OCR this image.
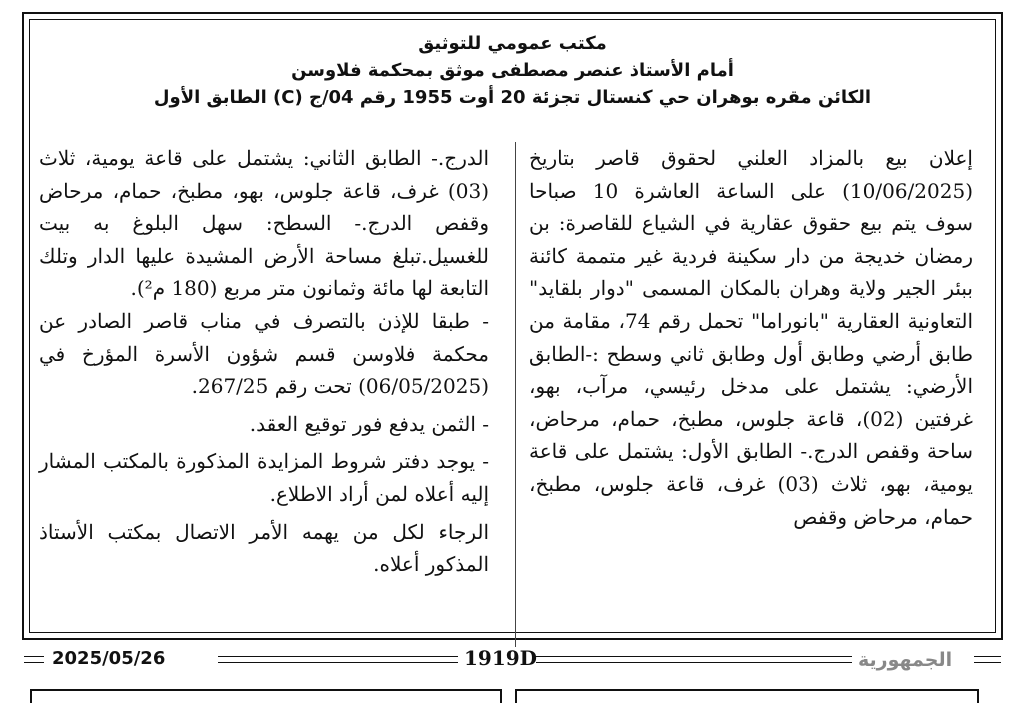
مكتب عمومي للتوثيق
أمام الأستاذ عنصر مصطفى موثق بمحكمة فلاوسن
الكائن مقره بوهران حي كنستال تجزئة 20 أوت 1955 رقم 04/ج (C) الطابق الأول

إعلان بيع بالمزاد العلني لحقوق قاصر بتاريخ (10/06/2025) على الساعة العاشرة 10 صباحا سوف يتم بيع حقوق عقارية في الشياع للقاصرة: بن رمضان خديجة من دار سكينة فردية غير متممة كائنة ببئر الجير ولاية وهران بالمكان المسمى "دوار بلقايد" التعاونية العقارية "بانوراما" تحمل رقم 74، مقامة من طابق أرضي وطابق أول وطابق ثاني وسطح :-الطابق الأرضي: يشتمل على مدخل رئيسي، مرآب، بهو، غرفتين (02)، قاعة جلوس، مطبخ، حمام، مرحاض، ساحة وقفص الدرج.- الطابق الأول: يشتمل على قاعة يومية، بهو، ثلاث (03) غرف، قاعة جلوس، مطبخ، حمام، مرحاض وقفص

الدرج.- الطابق الثاني: يشتمل على قاعة يومية، ثلاث (03) غرف، قاعة جلوس، بهو، مطبخ، حمام، مرحاض وقفص الدرج.- السطح: سهل البلوغ به بيت للغسيل.تبلغ مساحة الأرض المشيدة عليها الدار وتلك التابعة لها مائة وثمانون متر مربع (180 م²).

- طبقا للإذن بالتصرف في مناب قاصر الصادر عن محكمة فلاوسن قسم شؤون الأسرة المؤرخ في (06/05/2025) تحت رقم 267/25.

- الثمن يدفع فور توقيع العقد.

- يوجد دفتر شروط المزايدة المذكورة بالمكتب المشار إليه أعلاه لمن أراد الاطلاع.

الرجاء لكل من يهمه الأمر الاتصال بمكتب الأستاذ المذكور أعلاه.

2025/05/26	1919D	الجمهورية
